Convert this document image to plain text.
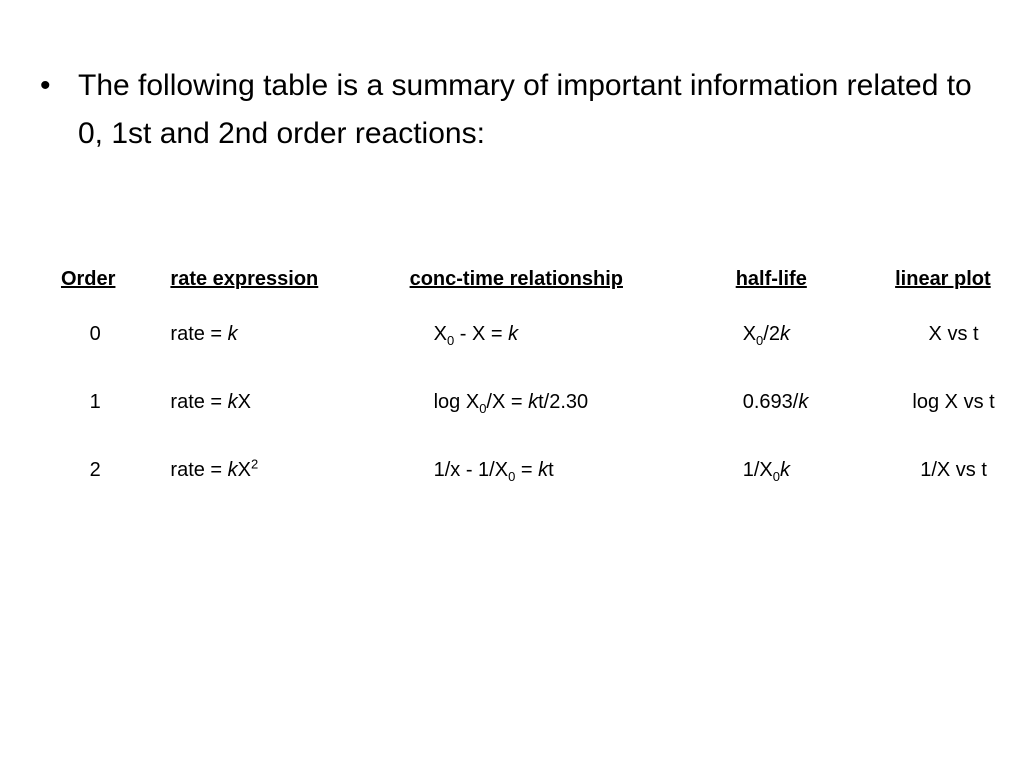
• The following table is a summary of important information related to 0, 1st and 2nd order reactions:
Order	rate expression	conc-time relationship	half-life	linear plot
0	rate = k	$X_0 - X = k$	$X_0/2k$	X vs t
1	rate = kX	$\log X_0/X = kt/2.30$	0.693/k	log X vs t
2	rate = $kX^2$	$1/x - 1/X_0$ = kt	$1/X_0k$	1/X vs t
